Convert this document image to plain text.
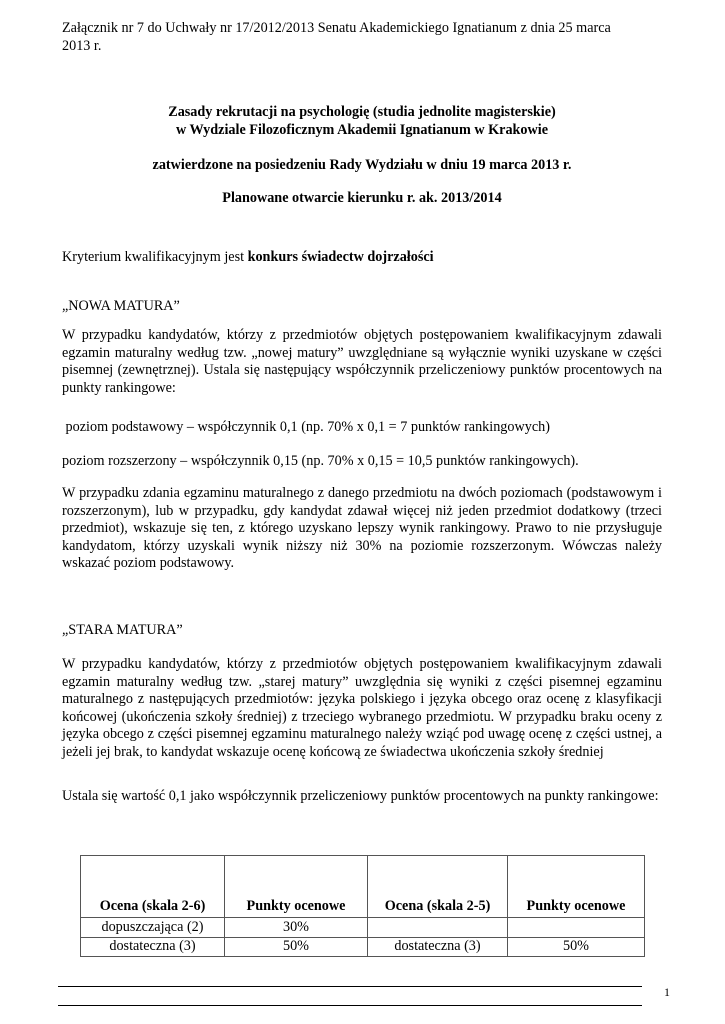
Załącznik nr 7 do Uchwały nr 17/2012/2013 Senatu Akademickiego Ignatianum z dnia 25 marca
2013 r.
Zasady rekrutacji na psychologię (studia jednolite magisterskie)
w Wydziale Filozoficznym Akademii Ignatianum w Krakowie
zatwierdzone na posiedzeniu Rady Wydziału w dniu 19 marca 2013 r.
Planowane otwarcie kierunku r. ak. 2013/2014
Kryterium kwalifikacyjnym jest konkurs świadectw dojrzałości
„NOWA MATURA”
W przypadku kandydatów, którzy z przedmiotów objętych postępowaniem kwalifikacyjnym zdawali egzamin maturalny według tzw. „nowej matury” uwzględniane są wyłącznie wyniki uzyskane w części pisemnej (zewnętrznej). Ustala się następujący współczynnik przeliczeniowy punktów procentowych na punkty rankingowe:
poziom podstawowy – współczynnik 0,1 (np. 70% x 0,1 = 7 punktów rankingowych)
poziom rozszerzony – współczynnik 0,15 (np. 70% x 0,15 = 10,5 punktów rankingowych).
W przypadku zdania egzaminu maturalnego z danego przedmiotu na dwóch poziomach (podstawowym i rozszerzonym), lub w przypadku, gdy kandydat zdawał więcej niż jeden przedmiot dodatkowy (trzeci przedmiot), wskazuje się ten, z którego uzyskano lepszy wynik rankingowy. Prawo to nie przysługuje kandydatom, którzy uzyskali wynik niższy niż 30% na poziomie rozszerzonym. Wówczas należy wskazać poziom podstawowy.
„STARA MATURA”
W przypadku kandydatów, którzy z przedmiotów objętych postępowaniem kwalifikacyjnym zdawali egzamin maturalny według tzw. „starej matury” uwzględnia się wyniki z części pisemnej egzaminu maturalnego z następujących przedmiotów: języka polskiego i języka obcego oraz ocenę z klasyfikacji końcowej (ukończenia szkoły średniej) z trzeciego wybranego przedmiotu. W przypadku braku oceny z języka obcego z części pisemnej egzaminu maturalnego należy wziąć pod uwagę ocenę z części ustnej, a jeżeli jej brak, to kandydat wskazuje ocenę końcową ze świadectwa ukończenia szkoły średniej
Ustala się wartość 0,1 jako współczynnik przeliczeniowy punktów procentowych na punkty rankingowe:
Ocena (skala 2-6)	Punkty ocenowe	Ocena (skala 2-5)	Punkty ocenowe
dopuszczająca (2)	30%		
dostateczna (3)	50%	dostateczna (3)	50%
1
